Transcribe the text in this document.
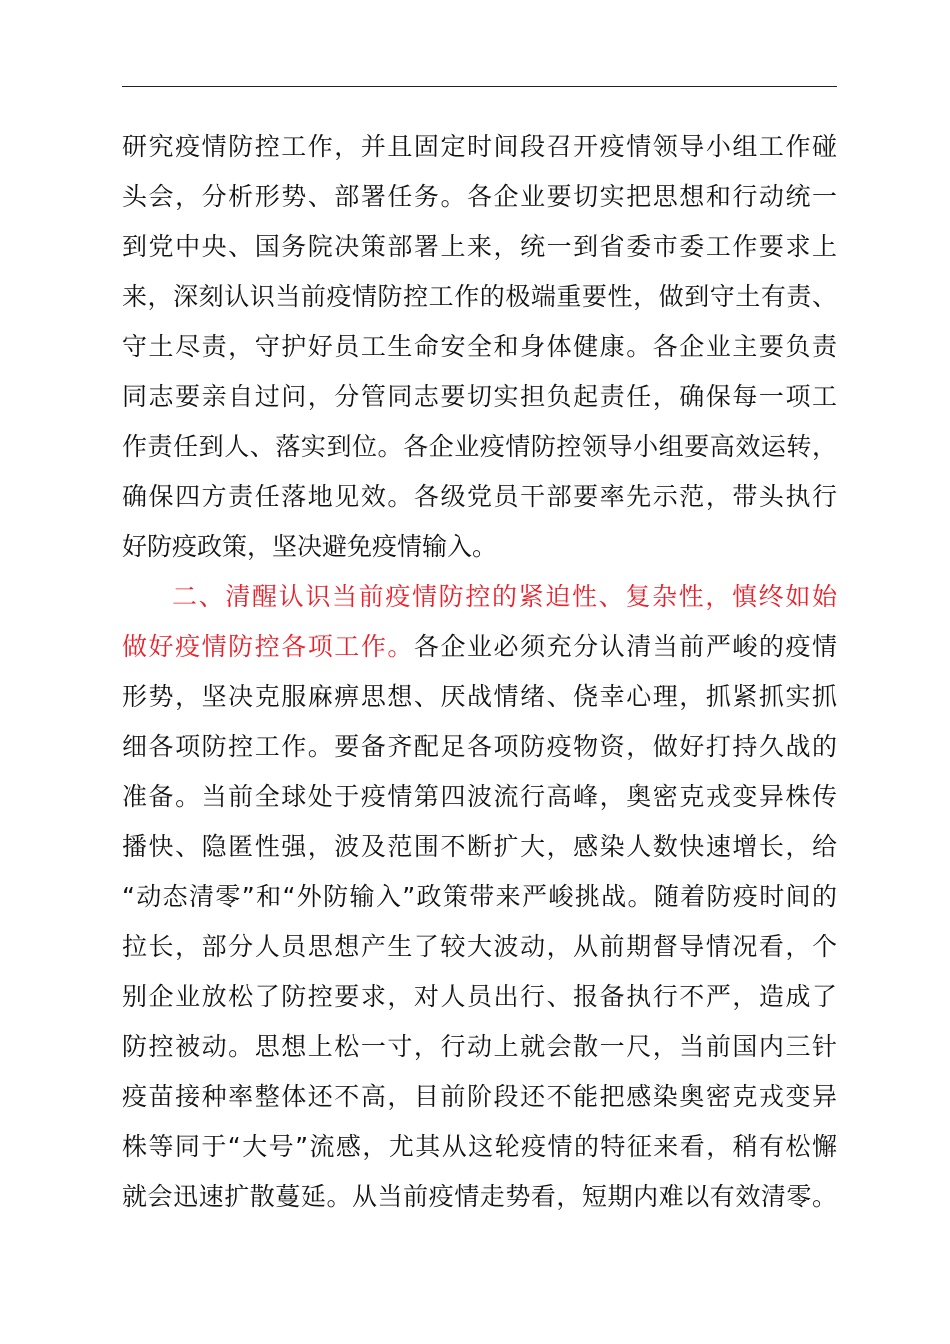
研究疫情防控工作，并且固定时间段召开疫情领导小组工作碰
头会，分析形势、部署任务。各企业要切实把思想和行动统一
到党中央、国务院决策部署上来，统一到省委市委工作要求上
来，深刻认识当前疫情防控工作的极端重要性，做到守土有责、
守土尽责，守护好员工生命安全和身体健康。各企业主要负责
同志要亲自过问，分管同志要切实担负起责任，确保每一项工
作责任到人、落实到位。各企业疫情防控领导小组要高效运转，
确保四方责任落地见效。各级党员干部要率先示范，带头执行
好防疫政策，坚决避免疫情输入。
二、清醒认识当前疫情防控的紧迫性、复杂性，慎终如始
做好疫情防控各项工作。各企业必须充分认清当前严峻的疫情
形势，坚决克服麻痹思想、厌战情绪、侥幸心理，抓紧抓实抓
细各项防控工作。要备齐配足各项防疫物资，做好打持久战的
准备。当前全球处于疫情第四波流行高峰，奥密克戎变异株传
播快、隐匿性强，波及范围不断扩大，感染人数快速增长，给
“动态清零”和“外防输入”政策带来严峻挑战。随着防疫时间的
拉长，部分人员思想产生了较大波动，从前期督导情况看，个
别企业放松了防控要求，对人员出行、报备执行不严，造成了
防控被动。思想上松一寸，行动上就会散一尺，当前国内三针
疫苗接种率整体还不高，目前阶段还不能把感染奥密克戎变异
株等同于“大号”流感，尤其从这轮疫情的特征来看，稍有松懈
就会迅速扩散蔓延。从当前疫情走势看，短期内难以有效清零。
